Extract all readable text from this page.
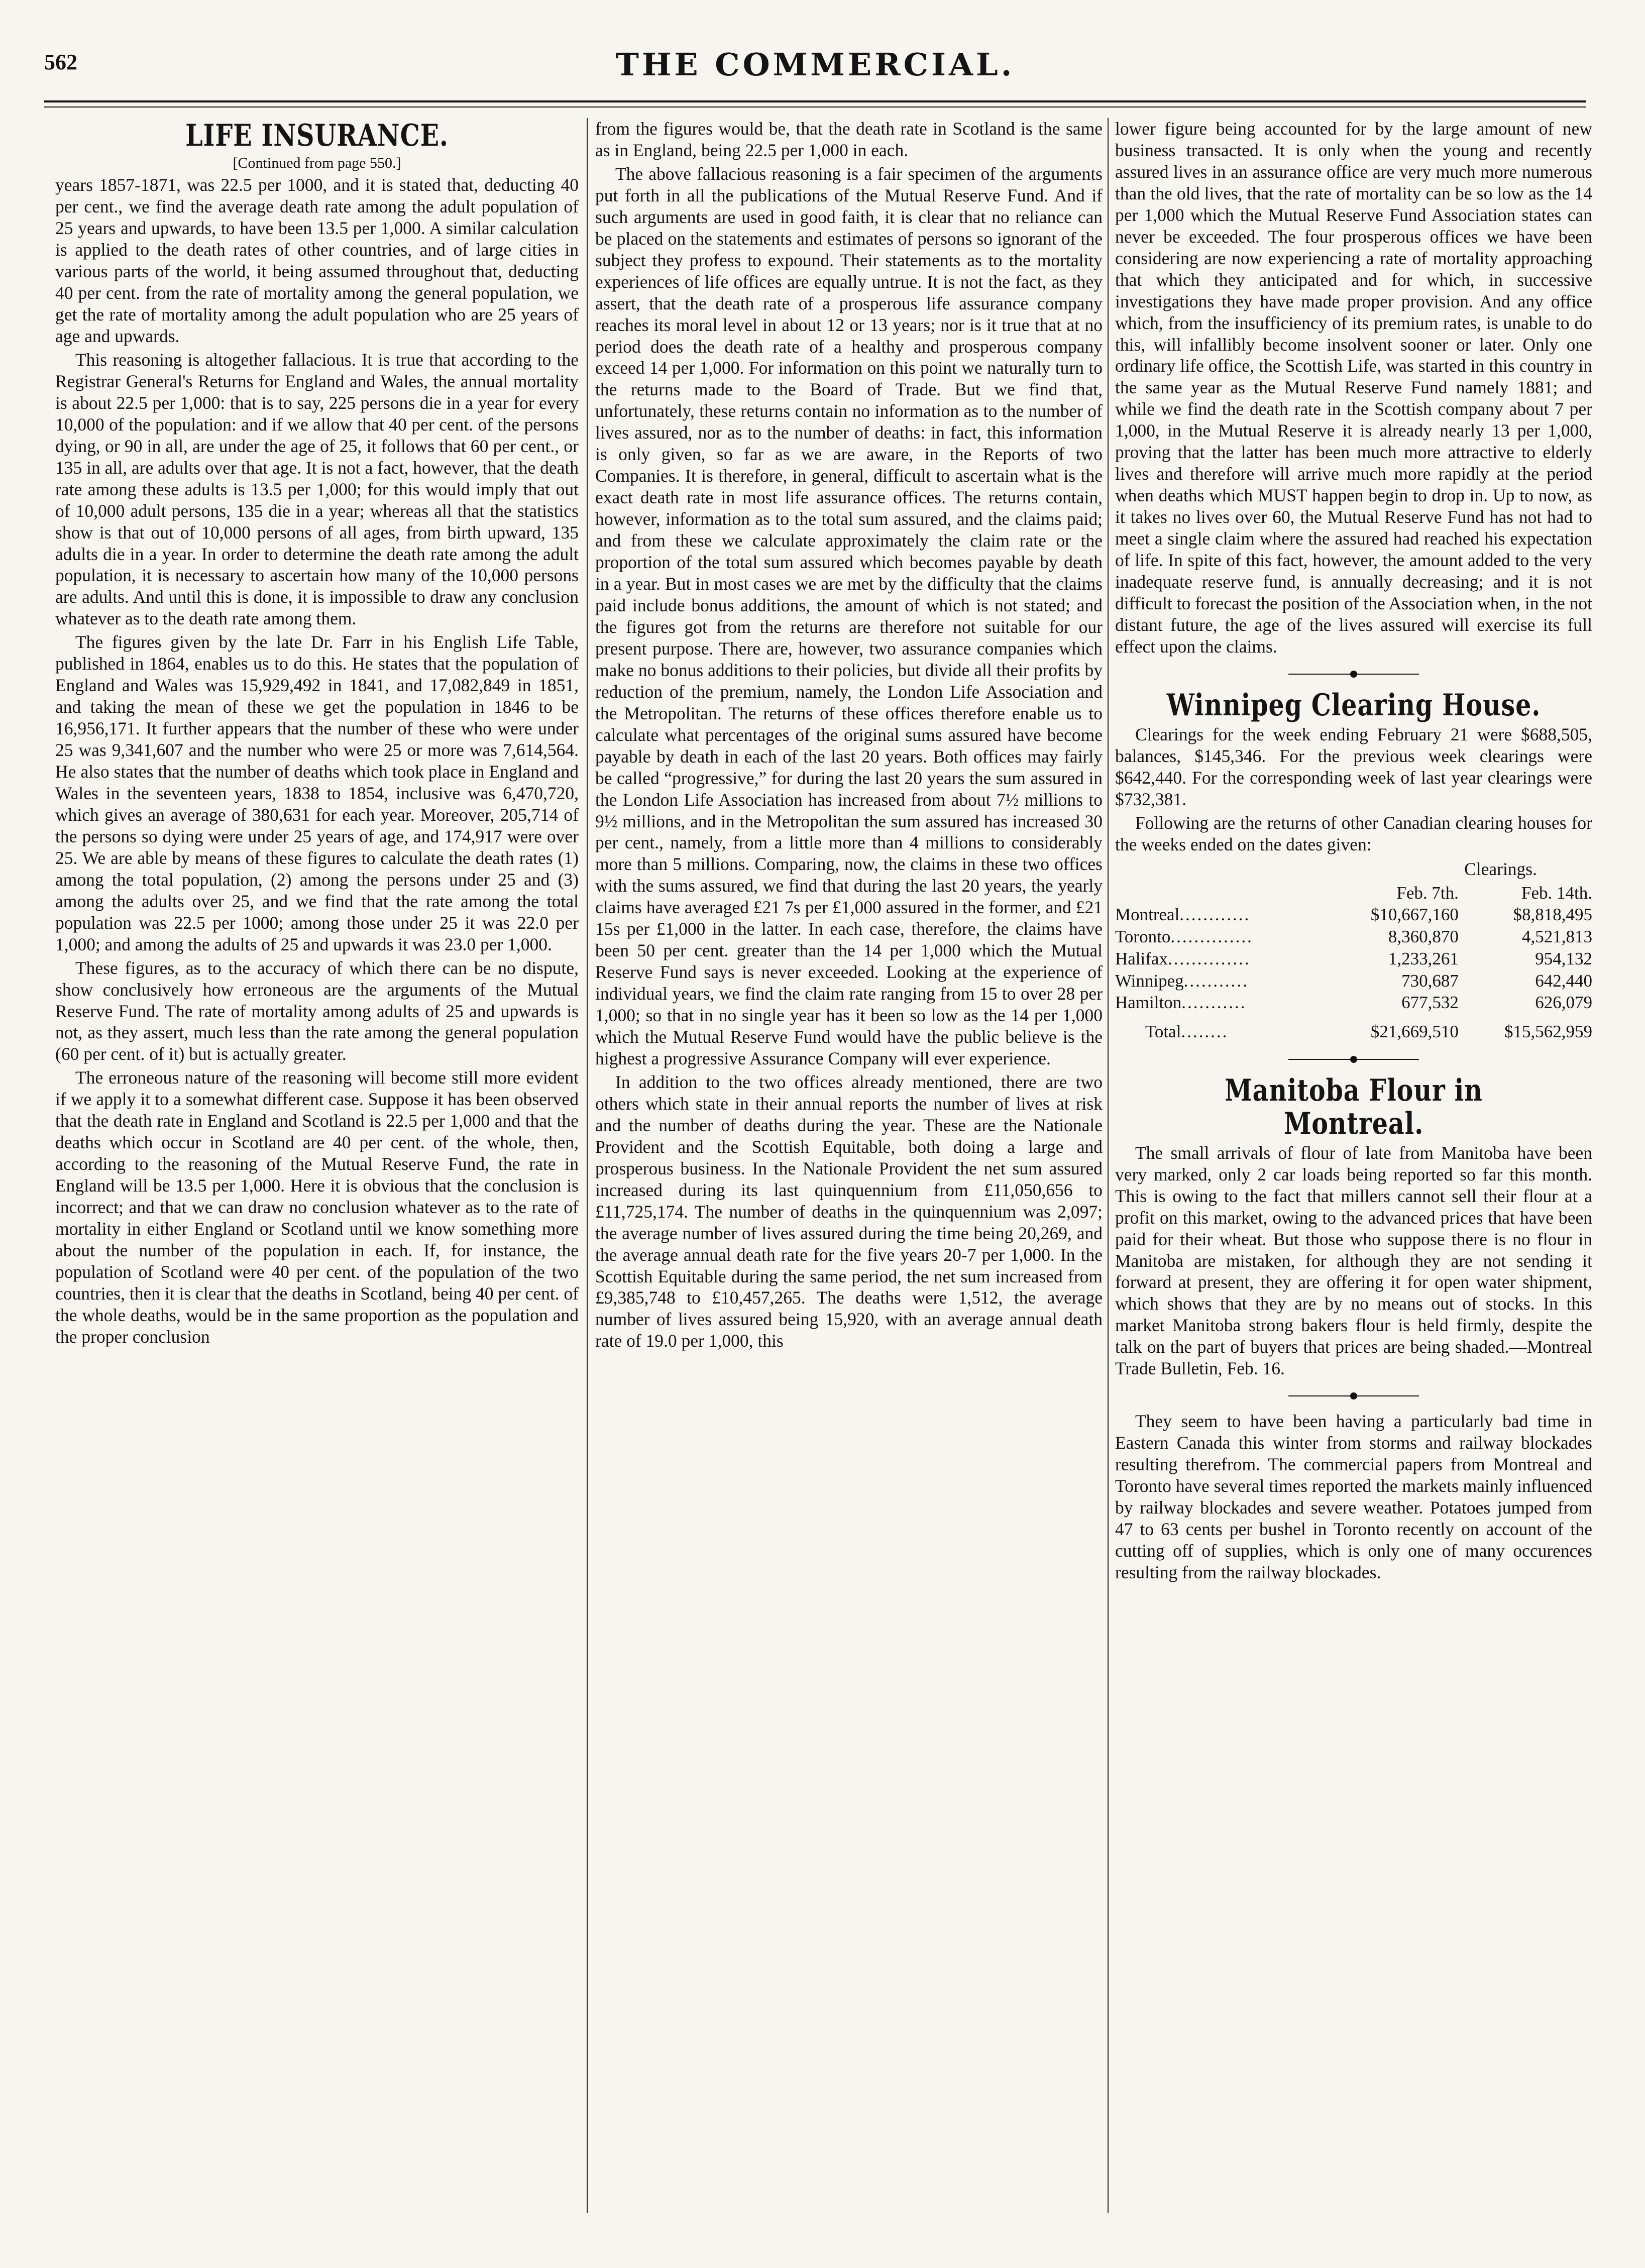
562	THE COMMERCIAL.
LIFE INSURANCE.
[Continued from page 550.]

years 1857-1871, was 22.5 per 1000, and it is stated that, deducting 40 per cent., we find the average death rate among the adult population of 25 years and upwards, to have been 13.5 per 1,000. A similar calculation is applied to the death rates of other countries, and of large cities in various parts of the world, it being assumed throughout that, deducting 40 per cent. from the rate of mortality among the general population, we get the rate of mortality among the adult population who are 25 years of age and upwards.

This reasoning is altogether fallacious. It is true that according to the Registrar General's Returns for England and Wales, the annual mortality is about 22.5 per 1,000: that is to say, 225 persons die in a year for every 10,000 of the population: and if we allow that 40 per cent. of the persons dying, or 90 in all, are under the age of 25, it follows that 60 per cent., or 135 in all, are adults over that age. It is not a fact, however, that the death rate among these adults is 13.5 per 1,000; for this would imply that out of 10,000 adult persons, 135 die in a year; whereas all that the statistics show is that out of 10,000 persons of all ages, from birth upward, 135 adults die in a year. In order to determine the death rate among the adult population, it is necessary to ascertain how many of the 10,000 persons are adults. And until this is done, it is impossible to draw any conclusion whatever as to the death rate among them.

The figures given by the late Dr. Farr in his English Life Table, published in 1864, enables us to do this. He states that the population of England and Wales was 15,929,492 in 1841, and 17,082,849 in 1851, and taking the mean of these we get the population in 1846 to be 16,956,171. It further appears that the number of these who were under 25 was 9,341,607 and the number who were 25 or more was 7,614,564. He also states that the number of deaths which took place in England and Wales in the seventeen years, 1838 to 1854, inclusive was 6,470,720, which gives an average of 380,631 for each year. Moreover, 205,714 of the persons so dying were under 25 years of age, and 174,917 were over 25. We are able by means of these figures to calculate the death rates (1) among the total population, (2) among the persons under 25 and (3) among the adults over 25, and we find that the rate among the total population was 22.5 per 1000; among those under 25 it was 22.0 per 1,000; and among the adults of 25 and upwards it was 23.0 per 1,000.

These figures, as to the accuracy of which there can be no dispute, show conclusively how erroneous are the arguments of the Mutual Reserve Fund. The rate of mortality among adults of 25 and upwards is not, as they assert, much less than the rate among the general population (60 per cent. of it) but is actually greater.

The erroneous nature of the reasoning will become still more evident if we apply it to a somewhat different case. Suppose it has been observed that the death rate in England and Scotland is 22.5 per 1,000 and that the deaths which occur in Scotland are 40 per cent. of the whole, then, according to the reasoning of the Mutual Reserve Fund, the rate in England will be 13.5 per 1,000. Here it is obvious that the conclusion is incorrect; and that we can draw no conclusion whatever as to the rate of mortality in either England or Scotland until we know something more about the number of the population in each. If, for instance, the population of Scotland were 40 per cent. of the population of the two countries, then it is clear that the deaths in Scotland, being 40 per cent. of the whole deaths, would be in the same proportion as the population and the proper conclusion

from the figures would be, that the death rate in Scotland is the same as in England, being 22.5 per 1,000 in each.

The above fallacious reasoning is a fair specimen of the arguments put forth in all the publications of the Mutual Reserve Fund. And if such arguments are used in good faith, it is clear that no reliance can be placed on the statements and estimates of persons so ignorant of the subject they profess to expound. Their statements as to the mortality experiences of life offices are equally untrue. It is not the fact, as they assert, that the death rate of a prosperous life assurance company reaches its moral level in about 12 or 13 years; nor is it true that at no period does the death rate of a healthy and prosperous company exceed 14 per 1,000. For information on this point we naturally turn to the returns made to the Board of Trade. But we find that, unfortunately, these returns contain no information as to the number of lives assured, nor as to the number of deaths: in fact, this information is only given, so far as we are aware, in the Reports of two Companies. It is therefore, in general, difficult to ascertain what is the exact death rate in most life assurance offices. The returns contain, however, information as to the total sum assured, and the claims paid; and from these we calculate approximately the claim rate or the proportion of the total sum assured which becomes payable by death in a year. But in most cases we are met by the difficulty that the claims paid include bonus additions, the amount of which is not stated; and the figures got from the returns are therefore not suitable for our present purpose. There are, however, two assurance companies which make no bonus additions to their policies, but divide all their profits by reduction of the premium, namely, the London Life Association and the Metropolitan. The returns of these offices therefore enable us to calculate what percentages of the original sums assured have become payable by death in each of the last 20 years. Both offices may fairly be called “progressive,” for during the last 20 years the sum assured in the London Life Association has increased from about 7½ millions to 9½ millions, and in the Metropolitan the sum assured has increased 30 per cent., namely, from a little more than 4 millions to considerably more than 5 millions. Comparing, now, the claims in these two offices with the sums assured, we find that during the last 20 years, the yearly claims have averaged £21 7s per £1,000 assured in the former, and £21 15s per £1,000 in the latter. In each case, therefore, the claims have been 50 per cent. greater than the 14 per 1,000 which the Mutual Reserve Fund says is never exceeded. Looking at the experience of individual years, we find the claim rate ranging from 15 to over 28 per 1,000; so that in no single year has it been so low as the 14 per 1,000 which the Mutual Reserve Fund would have the public believe is the highest a progressive Assurance Company will ever experience.

In addition to the two offices already mentioned, there are two others which state in their annual reports the number of lives at risk and the number of deaths during the year. These are the Nationale Provident and the Scottish Equitable, both doing a large and prosperous business. In the Nationale Provident the net sum assured increased during its last quinquennium from £11,050,656 to £11,725,174. The number of deaths in the quinquennium was 2,097; the average number of lives assured during the time being 20,269, and the average annual death rate for the five years 20-7 per 1,000. In the Scottish Equitable during the same period, the net sum increased from £9,385,748 to £10,457,265. The deaths were 1,512, the average number of lives assured being 15,920, with an average annual death rate of 19.0 per 1,000, this

lower figure being accounted for by the large amount of new business transacted. It is only when the young and recently assured lives in an assurance office are very much more numerous than the old lives, that the rate of mortality can be so low as the 14 per 1,000 which the Mutual Reserve Fund Association states can never be exceeded. The four prosperous offices we have been considering are now experiencing a rate of mortality approaching that which they anticipated and for which, in successive investigations they have made proper provision. And any office which, from the insufficiency of its premium rates, is unable to do this, will infallibly become insolvent sooner or later. Only one ordinary life office, the Scottish Life, was started in this country in the same year as the Mutual Reserve Fund namely 1881; and while we find the death rate in the Scottish company about 7 per 1,000, in the Mutual Reserve it is already nearly 13 per 1,000, proving that the latter has been much more attractive to elderly lives and therefore will arrive much more rapidly at the period when deaths which MUST happen begin to drop in. Up to now, as it takes no lives over 60, the Mutual Reserve Fund has not had to meet a single claim where the assured had reached his expectation of life. In spite of this fact, however, the amount added to the very inadequate reserve fund, is annually decreasing; and it is not difficult to forecast the position of the Association when, in the not distant future, the age of the lives assured will exercise its full effect upon the claims.

Winnipeg Clearing House.

Clearings for the week ending February 21 were $688,505, balances, $145,346. For the previous week clearings were $642,440. For the corresponding week of last year clearings were $732,381.

Following are the returns of other Canadian clearing houses for the weeks ended on the dates given:

Clearings.
	Feb. 7th.	Feb. 14th.
Montreal............	$10,667,160	$8,818,495
Toronto..............	8,360,870	4,521,813
Halifax..............	1,233,261	954,132
Winnipeg...........	730,687	642,440
Hamilton...........	677,532	626,079
Total........	$21,669,510	$15,562,959
Manitoba Flour in Montreal.

The small arrivals of flour of late from Manitoba have been very marked, only 2 car loads being reported so far this month. This is owing to the fact that millers cannot sell their flour at a profit on this market, owing to the advanced prices that have been paid for their wheat. But those who suppose there is no flour in Manitoba are mistaken, for although they are not sending it forward at present, they are offering it for open water shipment, which shows that they are by no means out of stocks. In this market Manitoba strong bakers flour is held firmly, despite the talk on the part of buyers that prices are being shaded.—Montreal Trade Bulletin, Feb. 16.

They seem to have been having a particularly bad time in Eastern Canada this winter from storms and railway blockades resulting therefrom. The commercial papers from Montreal and Toronto have several times reported the markets mainly influenced by railway blockades and severe weather. Potatoes jumped from 47 to 63 cents per bushel in Toronto recently on account of the cutting off of supplies, which is only one of many occurences resulting from the railway blockades.
